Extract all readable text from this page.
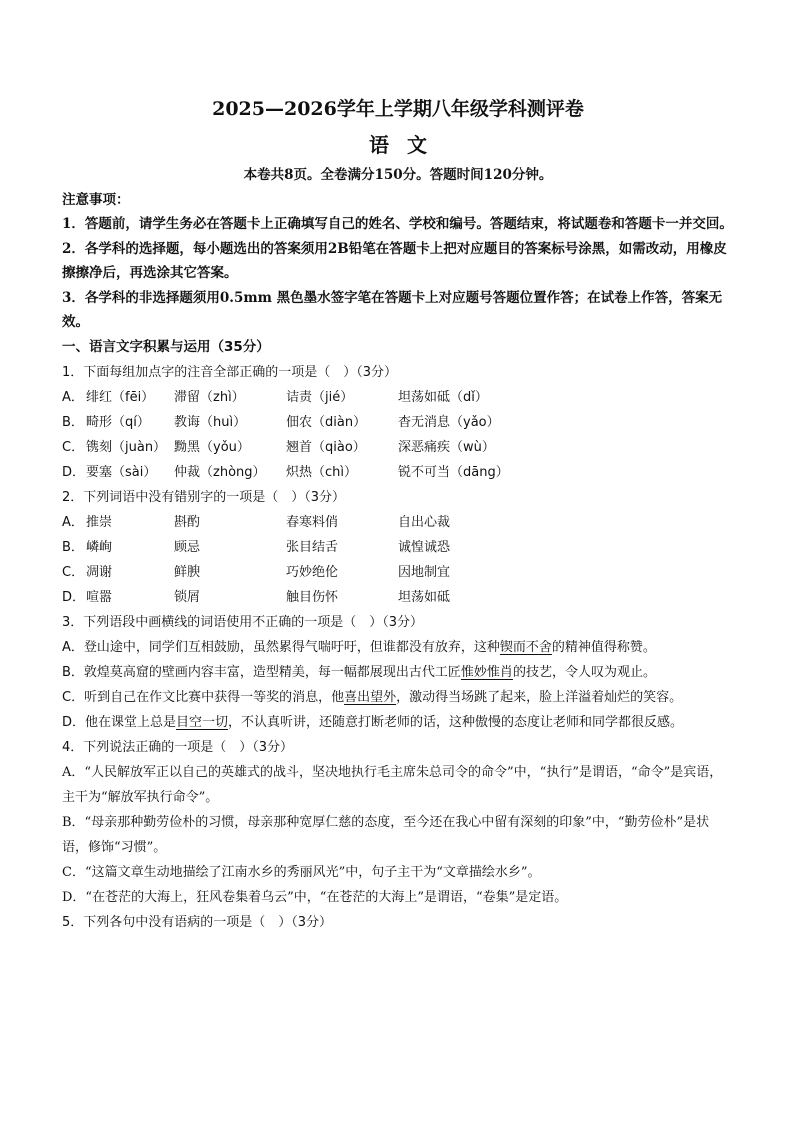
2025—2026学年上学期八年级学科测评卷
语文
本卷共8页。全卷满分150分。答题时间120分钟。
注意事项：
1．答题前，请学生务必在答题卡上正确填写自己的姓名、学校和编号。答题结束，将试题卷和答题卡一并交回。
2．各学科的选择题，每小题选出的答案须用2B铅笔在答题卡上把对应题目的答案标号涂黑，如需改动，用橡皮擦擦净后，再选涂其它答案。
3．各学科的非选择题须用0.5mm 黑色墨水签字笔在答题卡上对应题号答题位置作答；在试卷上作答，答案无效。
一、语言文字积累与运用（35分）
1．下面每组加点字的注音全部正确的一项是（　）（3分）
A． 绯红（fēi）	滞留（zhì）	诘责（jié）	坦荡如砥（dǐ）
B． 畸形（qí）	教诲（huì）	佃农（diàn）	杳无消息（yǎo）
C． 镌刻（juàn） 黝黑（yǒu）	翘首（qiào）	深恶痛疾（wù）
D． 要塞（sài）	仲裁（zhòng）	炽热（chì）	锐不可当（dāng）
2．下列词语中没有错别字的一项是（　）（3分）
A． 推崇	斟酌	春寒料俏	自出心裁
B． 嶙峋	顾忌	张目结舌	诚惶诚恐
C． 凋谢	鲜腴	巧妙绝伦	因地制宜
D． 喧嚣	锁屑	触目伤怀	坦荡如砥
3．下列语段中画横线的词语使用不正确的一项是（　）（3分）
A．登山途中，同学们互相鼓励，虽然累得气喘吁吁，但谁都没有放弃，这种锲而不舍的精神值得称赞。
B．敦煌莫高窟的壁画内容丰富，造型精美，每一幅都展现出古代工匠惟妙惟肖的技艺，令人叹为观止。
C．听到自己在作文比赛中获得一等奖的消息，他喜出望外，激动得当场跳了起来，脸上洋溢着灿烂的笑容。
D．他在课堂上总是目空一切，不认真听讲，还随意打断老师的话，这种傲慢的态度让老师和同学都很反感。
4．下列说法正确的一项是（　）（3分）
A．“人民解放军正以自己的英雄式的战斗，坚决地执行毛主席朱总司令的命令”中，“执行”是谓语，“命令”是宾语，主干为“解放军执行命令”。
B．“母亲那种勤劳俭朴的习惯，母亲那种宽厚仁慈的态度，至今还在我心中留有深刻的印象”中，“勤劳俭朴”是状语，修饰“习惯”。
C．“这篇文章生动地描绘了江南水乡的秀丽风光”中，句子主干为“文章描绘水乡”。
D．“在苍茫的大海上，狂风卷集着乌云”中，“在苍茫的大海上”是谓语，“卷集”是定语。
5．下列各句中没有语病的一项是（　）（3分）
